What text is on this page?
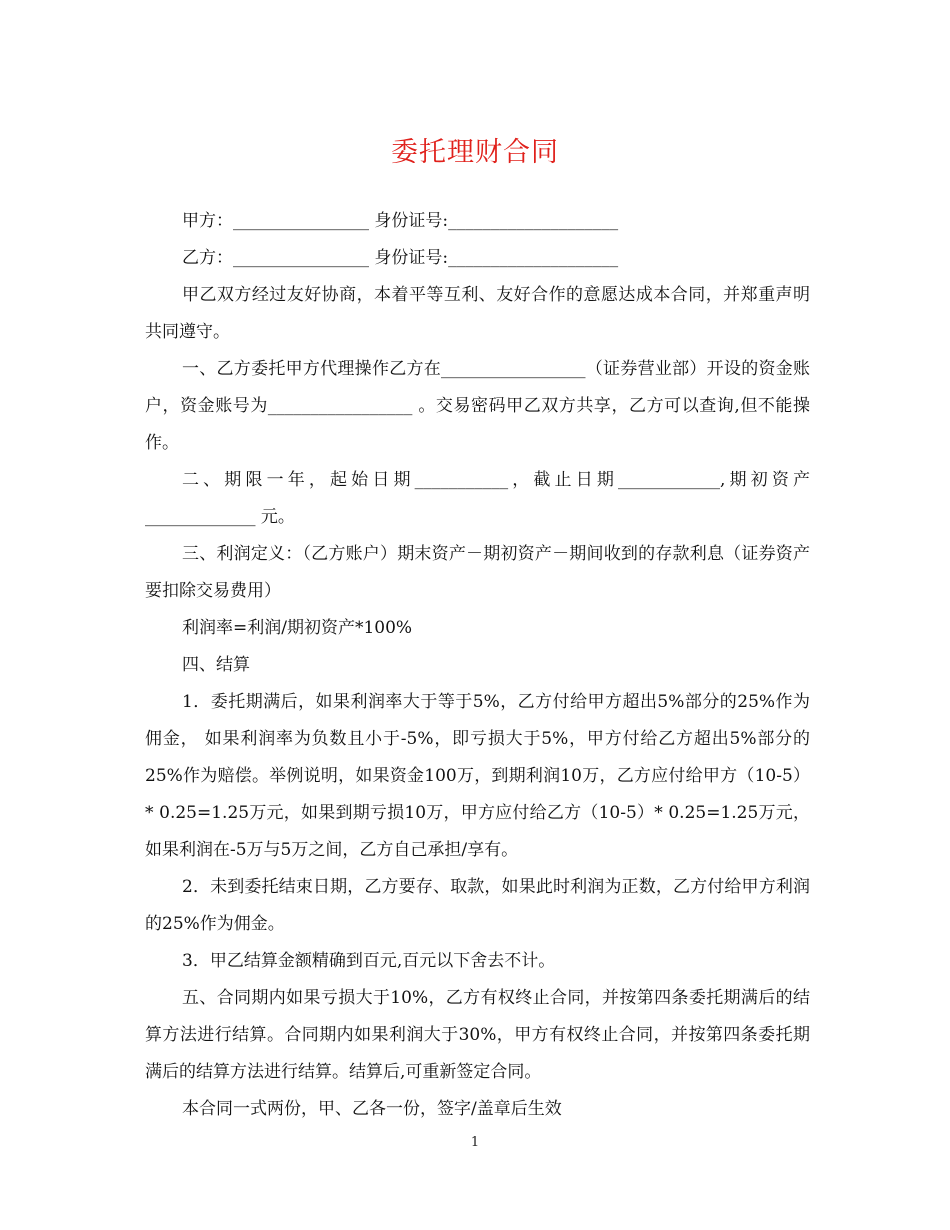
委托理财合同

甲方：________________ 身份证号:____________________

乙方：________________ 身份证号:____________________

甲乙双方经过友好协商，本着平等互利、友好合作的意愿达成本合同，并郑重声明共同遵守。

一、乙方委托甲方代理操作乙方在_________________（证券营业部）开设的资金账户，资金账号为_________________ 。交易密码甲乙双方共享，乙方可以查询,但不能操作。

二、期限一年，起始日期___________，截止日期____________,期初资产_____________ 元。

三、利润定义：（乙方账户）期末资产－期初资产－期间收到的存款利息（证券资产要扣除交易费用）

利润率=利润/期初资产*100%

四、结算

1．委托期满后，如果利润率大于等于5%，乙方付给甲方超出5%部分的25%作为佣金， 如果利润率为负数且小于-5%，即亏损大于5%，甲方付给乙方超出5%部分的25%作为赔偿。举例说明，如果资金100万，到期利润10万，乙方应付给甲方（10-5）* 0.25=1.25万元，如果到期亏损10万，甲方应付给乙方（10-5）* 0.25=1.25万元，如果利润在-5万与5万之间，乙方自己承担/享有。

2．未到委托结束日期，乙方要存、取款，如果此时利润为正数，乙方付给甲方利润的25%作为佣金。

3．甲乙结算金额精确到百元,百元以下舍去不计。

五、合同期内如果亏损大于10%，乙方有权终止合同，并按第四条委托期满后的结算方法进行结算。合同期内如果利润大于30%，甲方有权终止合同，并按第四条委托期满后的结算方法进行结算。结算后,可重新签定合同。

本合同一式两份，甲、乙各一份，签字/盖章后生效

1
